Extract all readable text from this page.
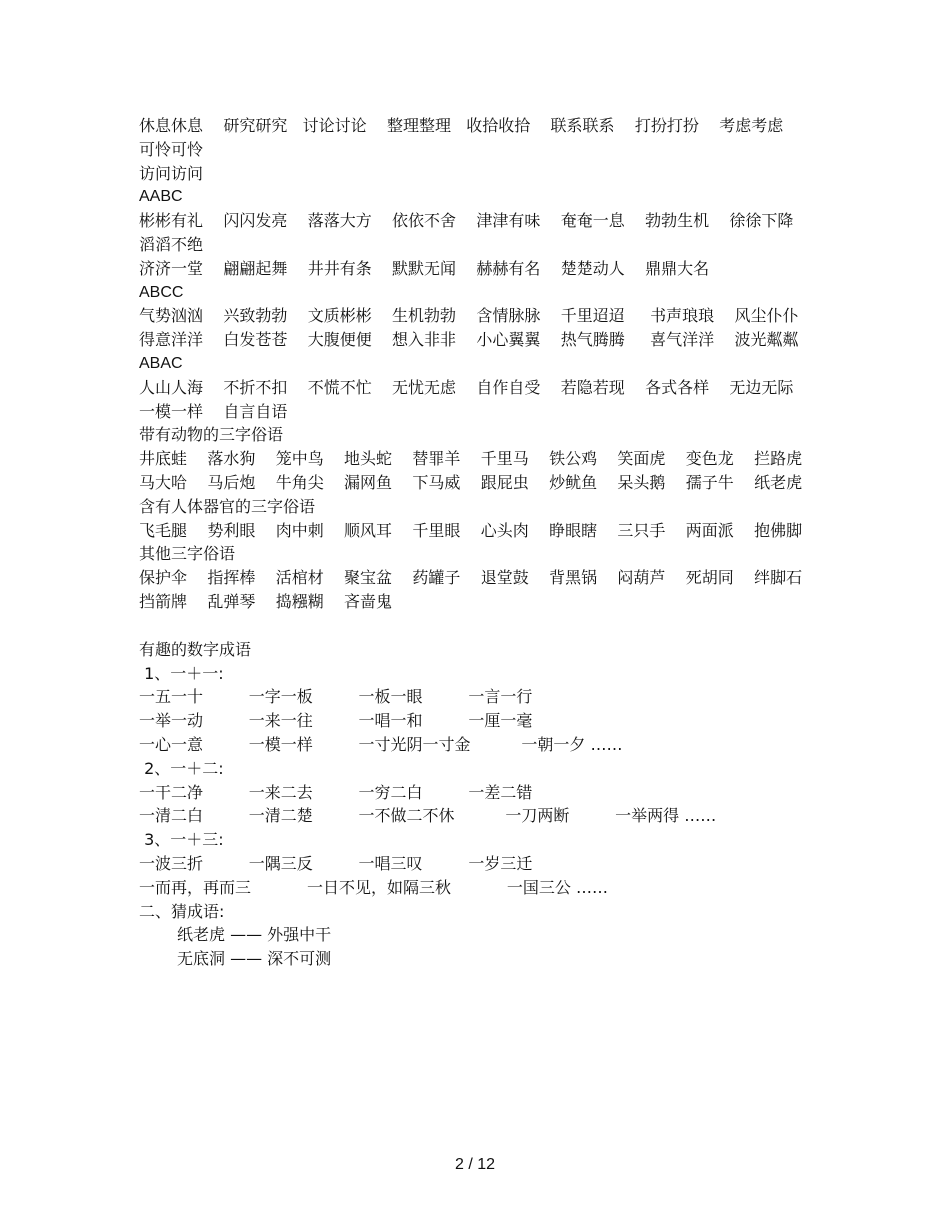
休息休息    研究研究   讨论讨论    整理整理   收拾收拾    联系联系    打扮打扮    考虑考虑   可怜可怜

访问访问

AABC

彬彬有礼    闪闪发亮    落落大方    依依不舍    津津有味    奄奄一息    勃勃生机    徐徐下降    滔滔不绝

济济一堂    翩翩起舞    井井有条    默默无闻    赫赫有名    楚楚动人    鼎鼎大名

ABCC

气势汹汹    兴致勃勃    文质彬彬    生机勃勃    含情脉脉    千里迢迢     书声琅琅    风尘仆仆

得意洋洋    白发苍苍    大腹便便    想入非非    小心翼翼    热气腾腾     喜气洋洋    波光粼粼

ABAC

人山人海    不折不扣    不慌不忙    无忧无虑    自作自受    若隐若现    各式各样    无边无际

一模一样    自言自语

带有动物的三字俗语

井底蛙    落水狗    笼中鸟    地头蛇    替罪羊    千里马    铁公鸡    笑面虎    变色龙    拦路虎    马大哈    马后炮    牛角尖    漏网鱼    下马威    跟屁虫    炒鱿鱼    呆头鹅    孺子牛    纸老虎

含有人体器官的三字俗语

飞毛腿    势利眼    肉中刺    顺风耳    千里眼    心头肉    睁眼瞎    三只手    两面派    抱佛脚

其他三字俗语

保护伞    指挥棒    活棺材    聚宝盆    药罐子    退堂鼓    背黑锅    闷葫芦    死胡同    绊脚石    挡箭牌    乱弹琴    捣糨糊    吝啬鬼

有趣的数字成语

1、一＋一:

一五一十         一字一板         一板一眼         一言一行

一举一动         一来一往         一唱一和         一厘一毫

一心一意         一模一样         一寸光阴一寸金          一朝一夕 ……

2、一＋二:

一干二净         一来二去         一穷二白         一差二错

一清二白         一清二楚         一不做二不休          一刀两断         一举两得 ……

3、一＋三:

一波三折         一隅三反         一唱三叹         一岁三迁

一而再，再而三           一日不见，如隔三秋           一国三公 ……

二、猜成语:

纸老虎 —— 外强中干

无底洞 —— 深不可测

2 / 12
